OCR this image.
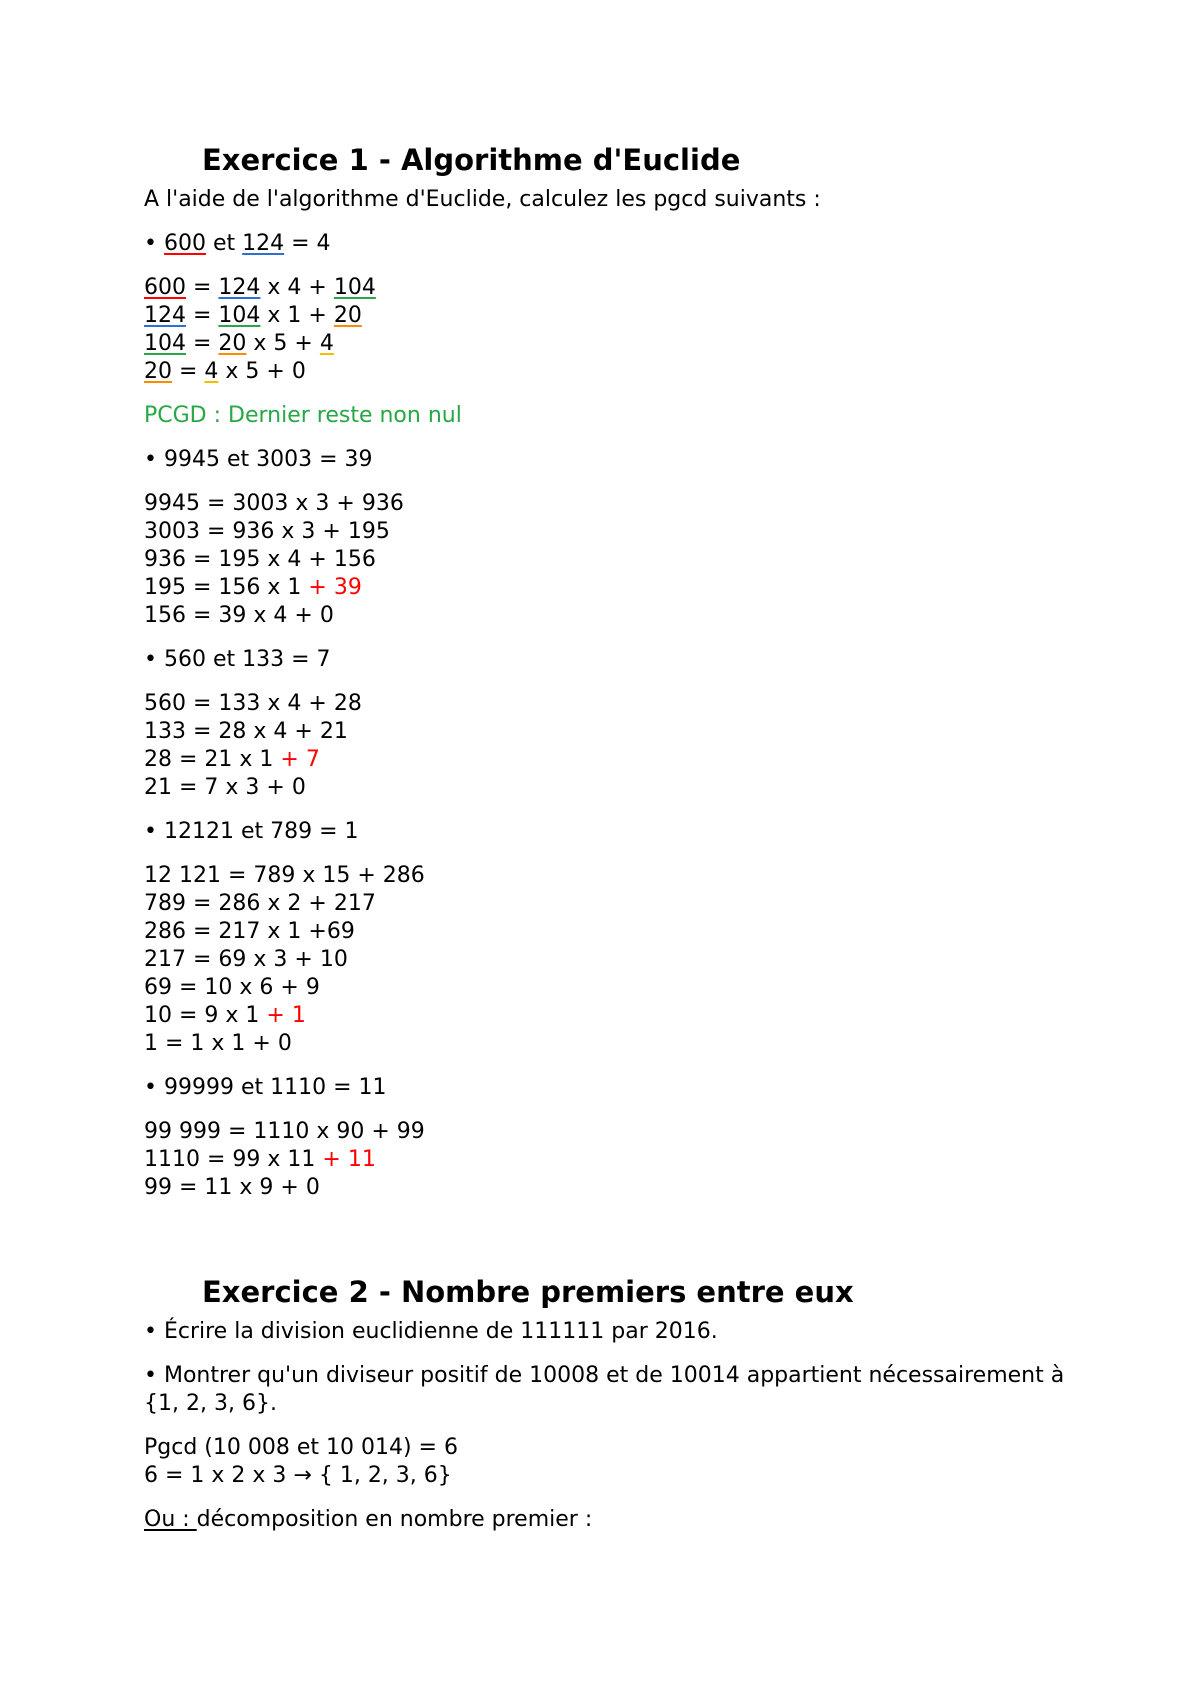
Exercice 1 - Algorithme d'Euclide

A l'aide de l'algorithme d'Euclide, calculez les pgcd suivants :

• 600 et 124 = 4

600 = 124 x 4 + 104
124 = 104 x 1 + 20
104 = 20 x 5 + 4
20 = 4 x 5 + 0

PCGD : Dernier reste non nul

• 9945 et 3003 = 39

9945 = 3003 x 3 + 936
3003 = 936 x 3 + 195
936 = 195 x 4 + 156
195 = 156 x 1 + 39
156 = 39 x 4 + 0

• 560 et 133 = 7

560 = 133 x 4 + 28
133 = 28 x 4 + 21
28 = 21 x 1 + 7
21 = 7 x 3 + 0

• 12121 et 789 = 1

12 121 = 789 x 15 + 286
789 = 286 x 2 + 217
286 = 217 x 1 +69
217 = 69 x 3 + 10
69 = 10 x 6 + 9
10 = 9 x 1 + 1
1 = 1 x 1 + 0

• 99999 et 1110 = 11

99 999 = 1110 x 90 + 99
1110 = 99 x 11 + 11
99 = 11 x 9 + 0
Exercice 2 - Nombre premiers entre eux

• Écrire la division euclidienne de 111111 par 2016.

• Montrer qu'un diviseur positif de 10008 et de 10014 appartient nécessairement à {1, 2, 3, 6}.

Pgcd (10 008 et 10 014) = 6
6 = 1 x 2 x 3 → { 1, 2, 3, 6}

Ou : décomposition en nombre premier :
